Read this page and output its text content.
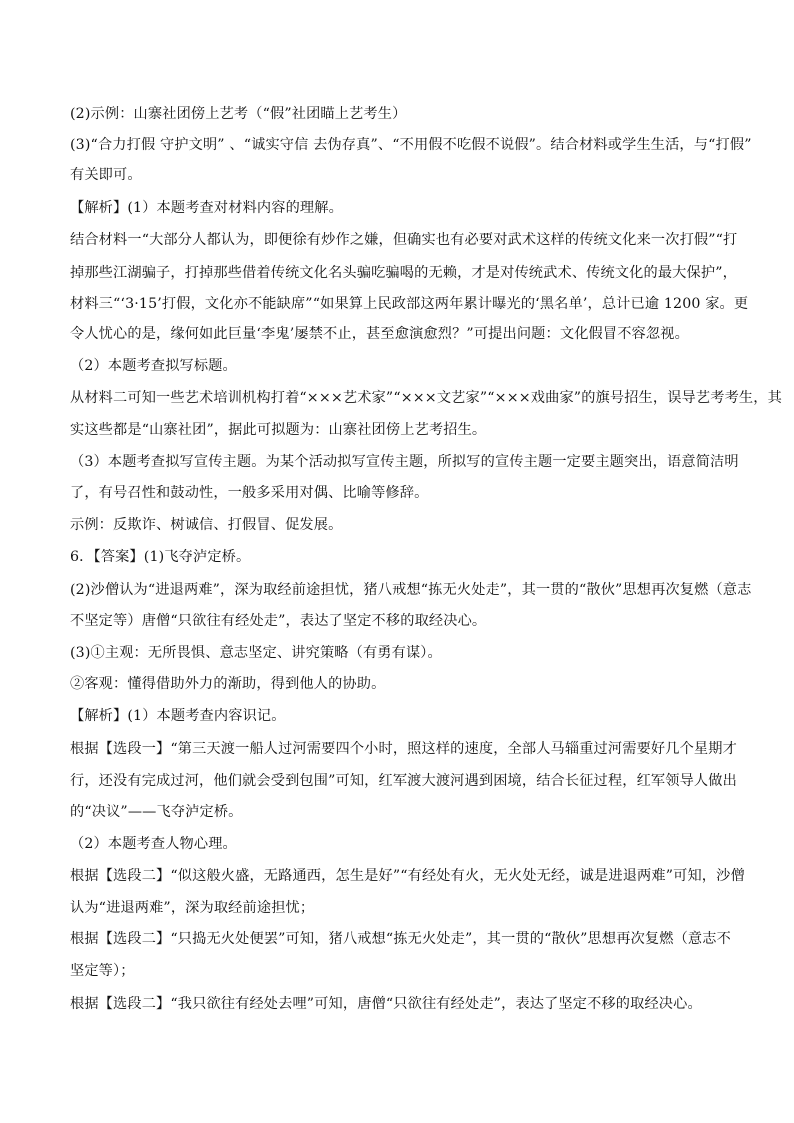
(2)示例：山寨社团傍上艺考（“假”社团瞄上艺考生）
(3)“合力打假 守护文明” 、“诚实守信 去伪存真”、“不用假不吃假不说假”。结合材料或学生生活，与“打假”
有关即可。
【解析】(1）本题考查对材料内容的理解。
结合材料一“大部分人都认为，即便徐有炒作之嫌，但确实也有必要对武术这样的传统文化来一次打假”“打
掉那些江湖骗子，打掉那些借着传统文化名头骗吃骗喝的无赖，才是对传统武术、传统文化的最大保护”，
材料三“‘3·15’打假，文化亦不能缺席”“如果算上民政部这两年累计曝光的‘黑名单’，总计已逾 1200 家。更
令人忧心的是，缘何如此巨量‘李鬼’屡禁不止，甚至愈演愈烈？”可提出问题：文化假冒不容忽视。
（2）本题考查拟写标题。
从材料二可知一些艺术培训机构打着“×××艺术家”“×××文艺家”“×××戏曲家”的旗号招生，误导艺考考生，其
实这些都是“山寨社团”，据此可拟题为：山寨社团傍上艺考招生。
（3）本题考查拟写宣传主题。为某个活动拟写宣传主题，所拟写的宣传主题一定要主题突出，语意简洁明
了，有号召性和鼓动性，一般多采用对偶、比喻等修辞。
示例：反欺诈、树诚信、打假冒、促发展。
6．【答案】(1)飞夺泸定桥。
(2)沙僧认为“进退两难”，深为取经前途担忧，猪八戒想“拣无火处走”，其一贯的“散伙”思想再次复燃（意志
不坚定等）唐僧“只欲往有经处走”，表达了坚定不移的取经决心。
(3)①主观：无所畏惧、意志坚定、讲究策略（有勇有谋）。
②客观：懂得借助外力的渐助，得到他人的协助。
【解析】(1）本题考查内容识记。
根据【选段一】“第三天渡一船人过河需要四个小时，照这样的速度，全部人马辎重过河需要好几个星期才
行，还没有完成过河，他们就会受到包围”可知，红军渡大渡河遇到困境，结合长征过程，红军领导人做出
的“决议”——飞夺泸定桥。
（2）本题考查人物心理。
根据【选段二】“似这般火盛，无路通西，怎生是好”“有经处有火，无火处无经，诚是进退两难”可知，沙僧
认为“进退两难”，深为取经前途担忧；
根据【选段二】“只捣无火处便罢”可知，猪八戒想“拣无火处走”，其一贯的“散伙”思想再次复燃（意志不
坚定等）；
根据【选段二】“我只欲往有经处去哩”可知，唐僧“只欲往有经处走”，表达了坚定不移的取经决心。
